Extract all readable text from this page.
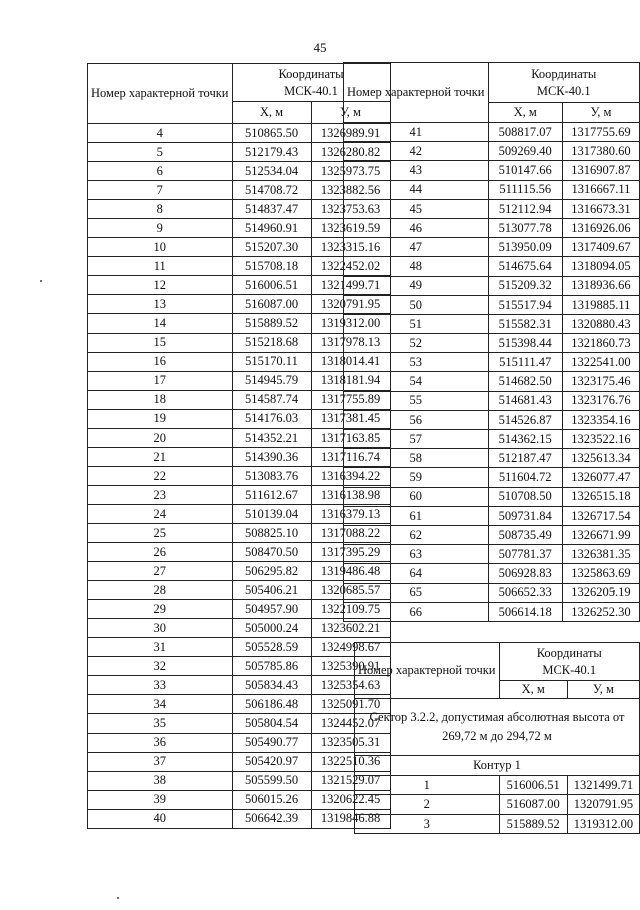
45
Номер характерной точки	Координаты
МСК-40.1	
	X, м	У, м
4	510865.50	1326989.91
5	512179.43	1326280.82
6	512534.04	1325973.75
7	514708.72	1323882.56
8	514837.47	1323753.63
9	514960.91	1323619.59
10	515207.30	1323315.16
11	515708.18	1322452.02
12	516006.51	1321499.71
13	516087.00	1320791.95
14	515889.52	1319312.00
15	515218.68	1317978.13
16	515170.11	1318014.41
17	514945.79	1318181.94
18	514587.74	1317755.89
19	514176.03	1317381.45
20	514352.21	1317163.85
21	514390.36	1317116.74
22	513083.76	1316394.22
23	511612.67	1316138.98
24	510139.04	1316379.13
25	508825.10	1317088.22
26	508470.50	1317395.29
27	506295.82	1319486.48
28	505406.21	1320685.57
29	504957.90	1322109.75
30	505000.24	1323602.21
31	505528.59	1324998.67
32	505785.86	1325390.91
33	505834.43	1325354.63
34	506186.48	1325091.70
35	505804.54	1324452.07
36	505490.77	1323505.31
37	505420.97	1322510.36
38	505599.50	1321529.07
39	506015.26	1320622.45
40	506642.39	1319846.88
Номер характерной точки	Координаты
МСК-40.1	
	X, м	У, м
41	508817.07	1317755.69
42	509269.40	1317380.60
43	510147.66	1316907.87
44	511115.56	1316667.11
45	512112.94	1316673.31
46	513077.78	1316926.06
47	513950.09	1317409.67
48	514675.64	1318094.05
49	515209.32	1318936.66
50	515517.94	1319885.11
51	515582.31	1320880.43
52	515398.44	1321860.73
53	515111.47	1322541.00
54	514682.50	1323175.46
55	514681.43	1323176.76
56	514526.87	1323354.16
57	514362.15	1323522.16
58	512187.47	1325613.34
59	511604.72	1326077.47
60	510708.50	1326515.18
61	509731.84	1326717.54
62	508735.49	1326671.99
63	507781.37	1326381.35
64	506928.83	1325863.69
65	506652.33	1326205.19
66	506614.18	1326252.30
Номер характерной точки	Координаты
МСК-40.1	
	X, м	У, м
Сектор 3.2.2, допустимая абсолютная высота от 269,72 м до 294,72 м		
Контур 1		
1	516006.51	1321499.71
2	516087.00	1320791.95
3	515889.52	1319312.00
